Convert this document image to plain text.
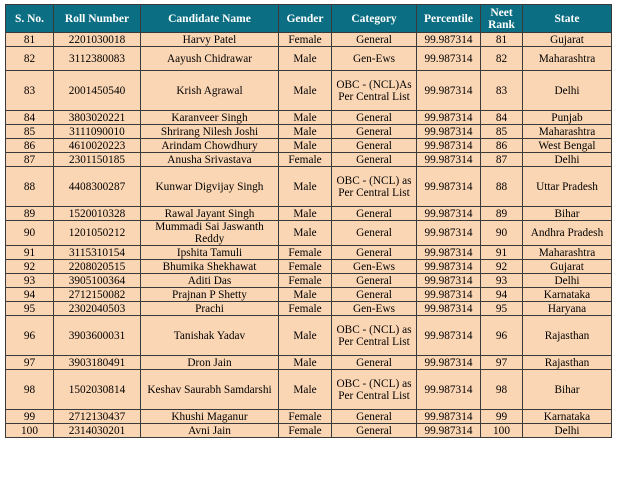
S. No.	Roll Number	Candidate Name	Gender	Category	Percentile	Neet Rank	State
81	2201030018	Harvy Patel	Female	General	99.987314	81	Gujarat
82	3112380083	Aayush Chidrawar	Male	Gen-Ews	99.987314	82	Maharashtra
83	2001450540	Krish Agrawal	Male	OBC - (NCL)As Per Central List	99.987314	83	Delhi
84	3803020221	Karanveer Singh	Male	General	99.987314	84	Punjab
85	3111090010	Shrirang Nilesh Joshi	Male	General	99.987314	85	Maharashtra
86	4610020223	Arindam Chowdhury	Male	General	99.987314	86	West Bengal
87	2301150185	Anusha Srivastava	Female	General	99.987314	87	Delhi
88	4408300287	Kunwar Digvijay Singh	Male	OBC - (NCL) as Per Central List	99.987314	88	Uttar Pradesh
89	1520010328	Rawal Jayant Singh	Male	General	99.987314	89	Bihar
90	1201050212	Mummadi Sai Jaswanth Reddy	Male	General	99.987314	90	Andhra Pradesh
91	3115310154	Ipshita Tamuli	Female	General	99.987314	91	Maharashtra
92	2208020515	Bhumika Shekhawat	Female	Gen-Ews	99.987314	92	Gujarat
93	3905100364	Aditi Das	Female	General	99.987314	93	Delhi
94	2712150082	Prajnan P Shetty	Male	General	99.987314	94	Karnataka
95	2302040503	Prachi	Female	Gen-Ews	99.987314	95	Haryana
96	3903600031	Tanishak Yadav	Male	OBC - (NCL) as Per Central List	99.987314	96	Rajasthan
97	3903180491	Dron Jain	Male	General	99.987314	97	Rajasthan
98	1502030814	Keshav Saurabh Samdarshi	Male	OBC - (NCL) as Per Central List	99.987314	98	Bihar
99	2712130437	Khushi Maganur	Female	General	99.987314	99	Karnataka
100	2314030201	Avni Jain	Female	General	99.987314	100	Delhi
